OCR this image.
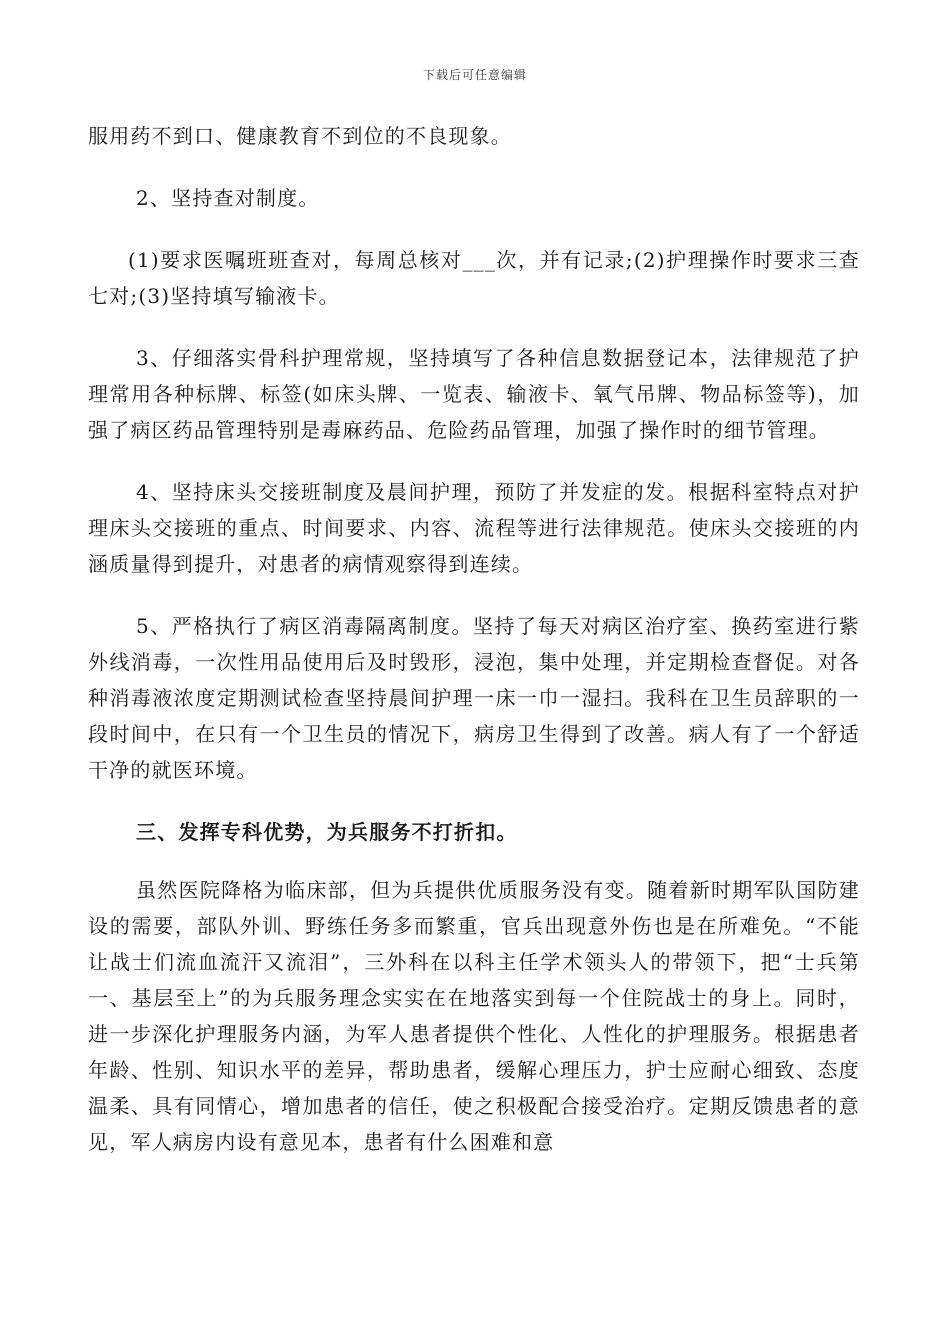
下载后可任意编辑

服用药不到口、健康教育不到位的不良现象。

2、坚持查对制度。

(1)要求医嘱班班查对，每周总核对___次，并有记录;(2)护理操作时要求三查七对;(3)坚持填写输液卡。

3、仔细落实骨科护理常规，坚持填写了各种信息数据登记本，法律规范了护理常用各种标牌、标签(如床头牌、一览表、输液卡、氧气吊牌、物品标签等)，加强了病区药品管理特别是毒麻药品、危险药品管理，加强了操作时的细节管理。

4、坚持床头交接班制度及晨间护理，预防了并发症的发。根据科室特点对护理床头交接班的重点、时间要求、内容、流程等进行法律规范。使床头交接班的内涵质量得到提升，对患者的病情观察得到连续。

5、严格执行了病区消毒隔离制度。坚持了每天对病区治疗室、换药室进行紫外线消毒，一次性用品使用后及时毁形，浸泡，集中处理，并定期检查督促。对各种消毒液浓度定期测试检查坚持晨间护理一床一巾一湿扫。我科在卫生员辞职的一段时间中，在只有一个卫生员的情况下，病房卫生得到了改善。病人有了一个舒适干净的就医环境。

三、发挥专科优势，为兵服务不打折扣。

虽然医院降格为临床部，但为兵提供优质服务没有变。随着新时期军队国防建设的需要，部队外训、野练任务多而繁重，官兵出现意外伤也是在所难免。“不能让战士们流血流汗又流泪”，三外科在以科主任学术领头人的带领下，把“士兵第一、基层至上”的为兵服务理念实实在在地落实到每一个住院战士的身上。同时，进一步深化护理服务内涵，为军人患者提供个性化、人性化的护理服务。根据患者年龄、性别、知识水平的差异，帮助患者，缓解心理压力，护士应耐心细致、态度温柔、具有同情心，增加患者的信任，使之积极配合接受治疗。定期反馈患者的意见，军人病房内设有意见本，患者有什么困难和意
